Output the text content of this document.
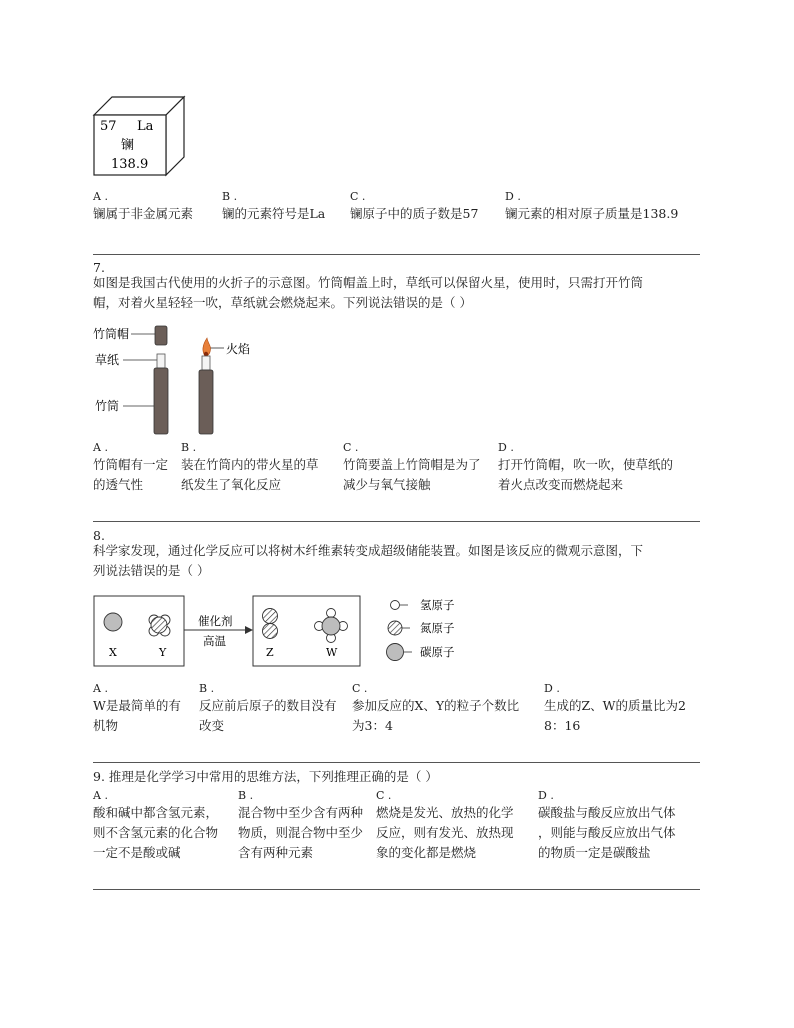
57 La
镧
138.9
A .
镧属于非金属元素
B .
镧的元素符号是La
C .
镧原子中的质子数是57
D .
镧元素的相对原子质量是138.9
7.
如图是我国古代使用的火折子的示意图。竹筒帽盖上时，草纸可以保留火星，使用时，只需打开竹筒
帽，对着火星轻轻一吹，草纸就会燃烧起来。下列说法错误的是（ ）
竹筒帽
草纸
竹筒
火焰
A .
竹筒帽有一定
的透气性
B .
装在竹筒内的带火星的草
纸发生了氧化反应
C .
竹筒要盖上竹筒帽是为了
减少与氧气接触
D .
打开竹筒帽，吹一吹，使草纸的
着火点改变而燃烧起来
8.
科学家发现，通过化学反应可以将树木纤维素转变成超级储能装置。如图是该反应的微观示意图，下
列说法错误的是（ ）
X	Y
催化剂
高温
Z	W
氢原子
氮原子
碳原子
A .
W是最简单的有
机物
B .
反应前后原子的数目没有
改变
C .
参加反应的X、Y的粒子个数比
为3：4
D .
生成的Z、W的质量比为2
8：16
9. 推理是化学学习中常用的思维方法，下列推理正确的是（ ）
A .
酸和碱中都含氢元素，
则不含氢元素的化合物
一定不是酸或碱
B .
混合物中至少含有两种
物质，则混合物中至少
含有两种元素
C .
燃烧是发光、放热的化学
反应，则有发光、放热现
象的变化都是燃烧
D .
碳酸盐与酸反应放出气体
，则能与酸反应放出气体
的物质一定是碳酸盐
